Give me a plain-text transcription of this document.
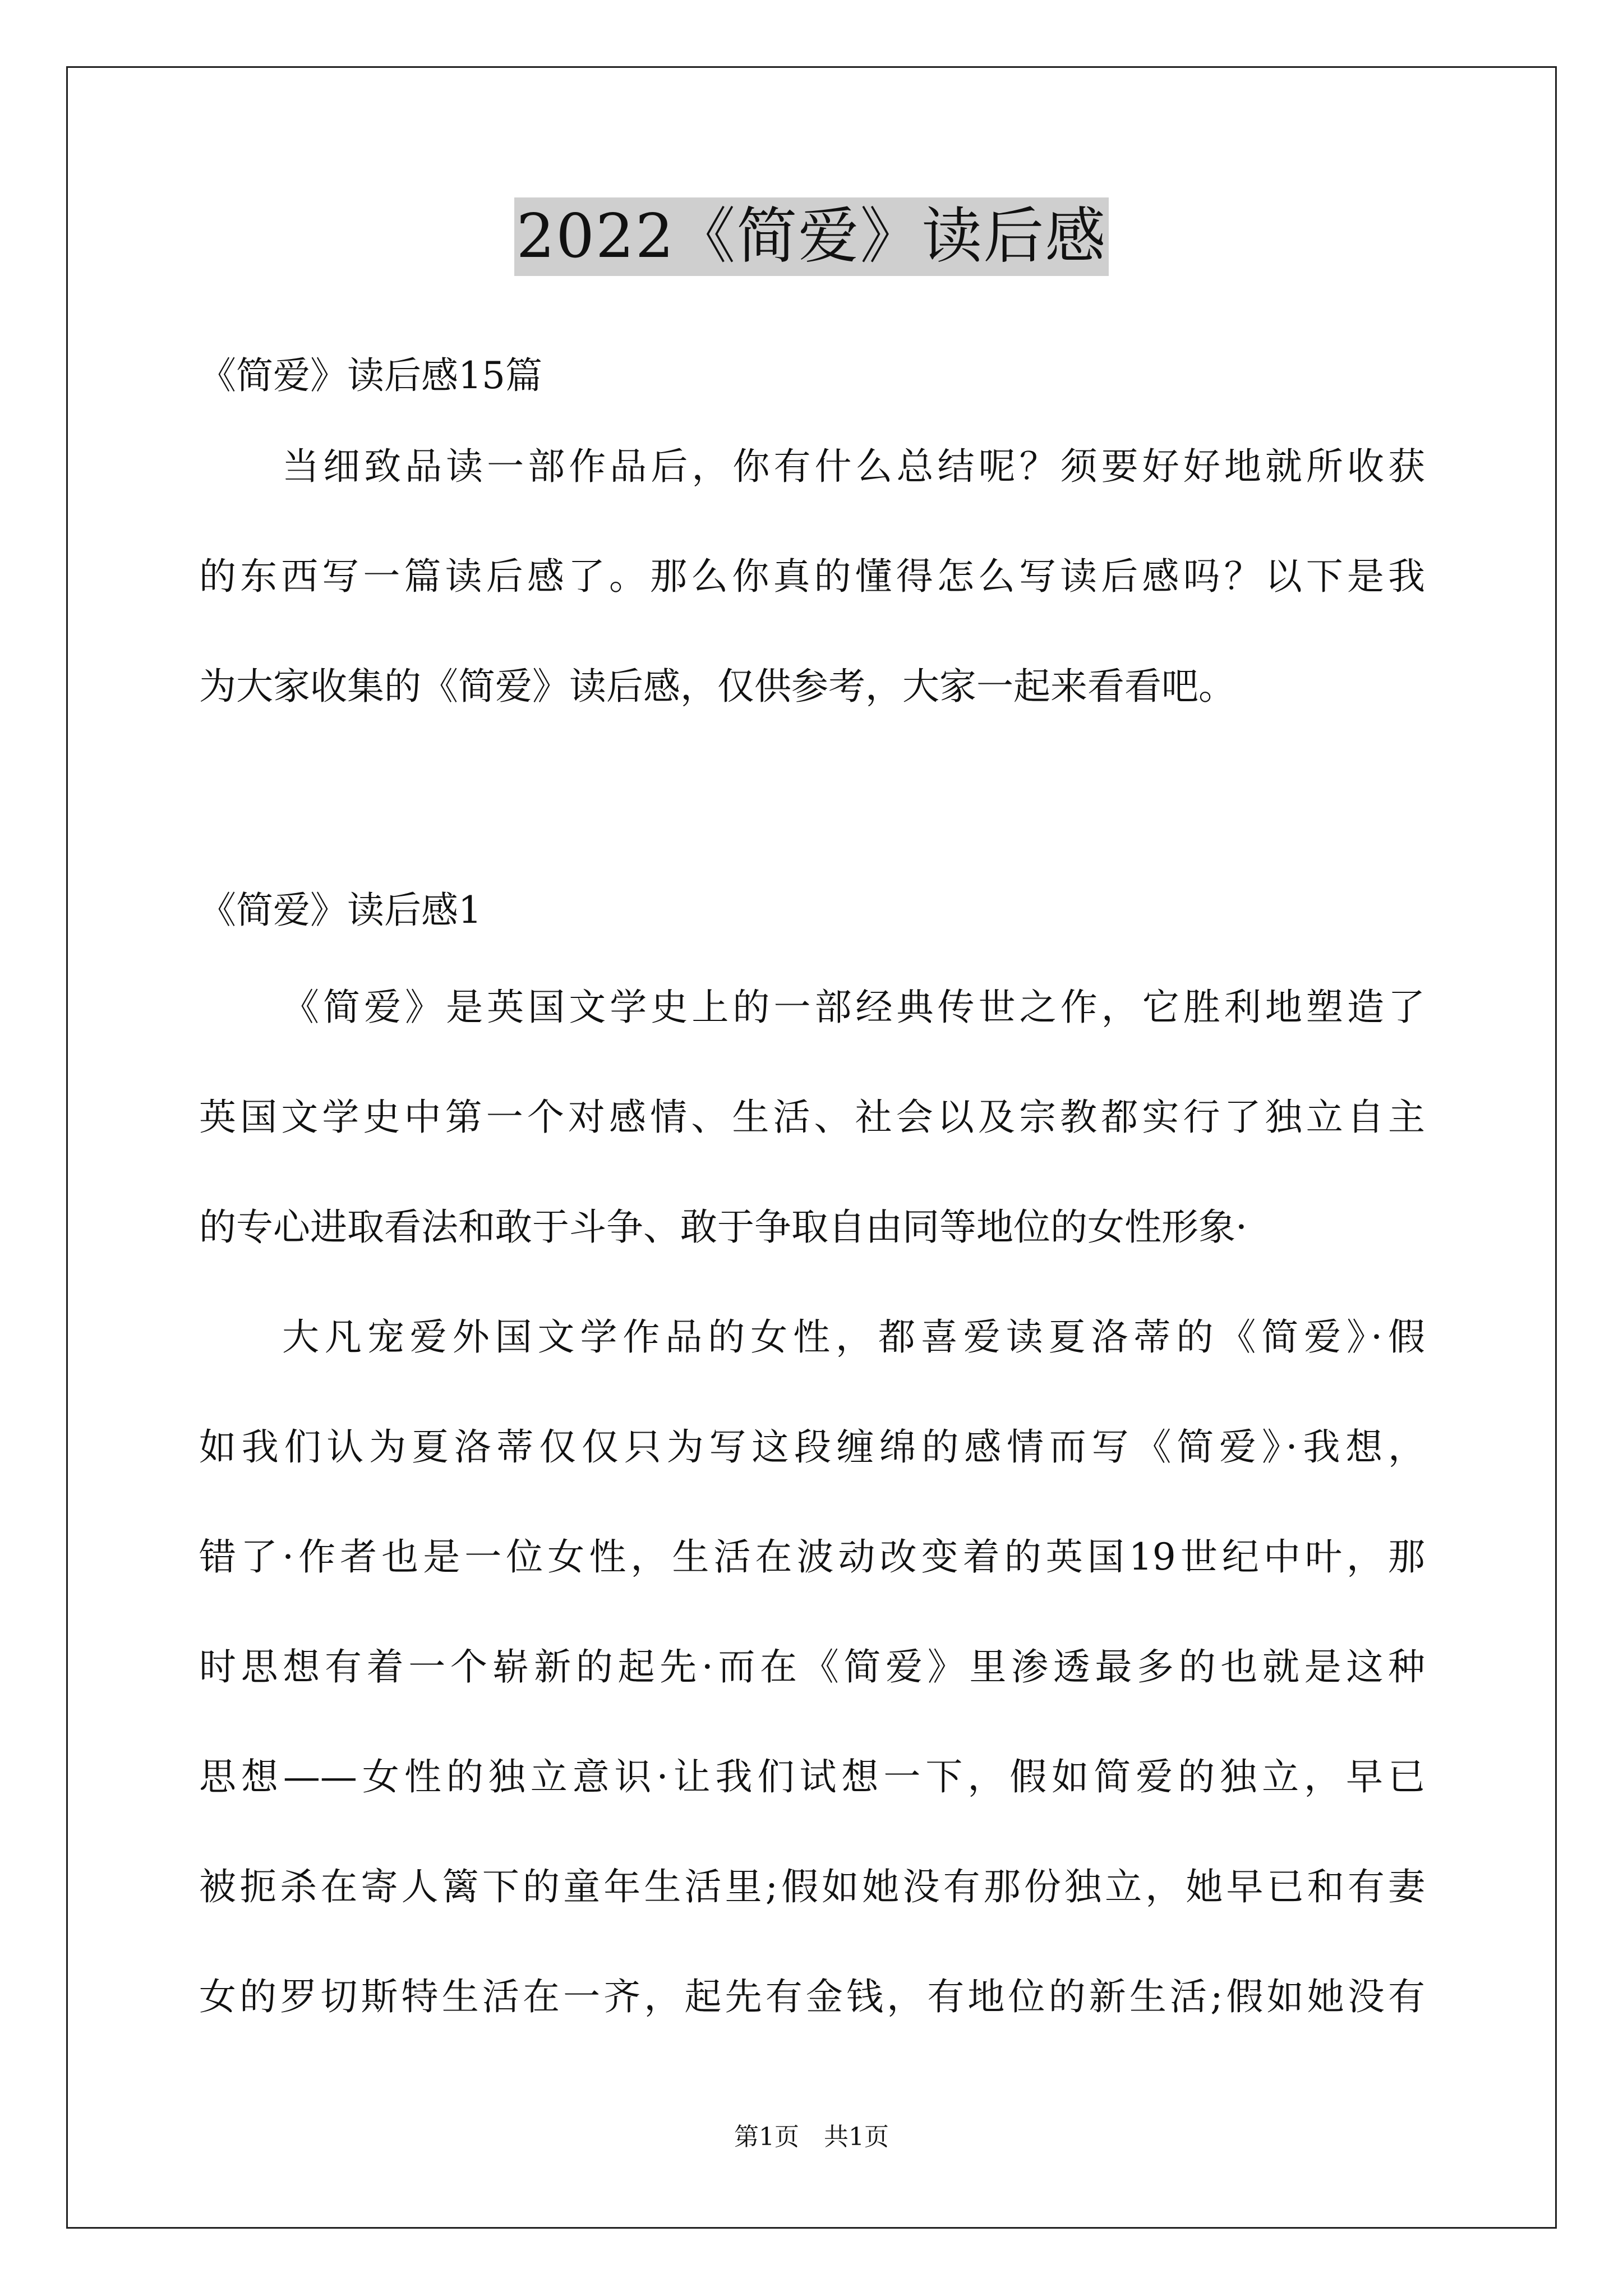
2022《简爱》读后感
《简爱》读后感15篇
当细致品读一部作品后，你有什么总结呢？须要好好地就所收获
的东西写一篇读后感了。那么你真的懂得怎么写读后感吗？以下是我
为大家收集的《简爱》读后感，仅供参考，大家一起来看看吧。
《简爱》读后感1
《简爱》是英国文学史上的一部经典传世之作，它胜利地塑造了
英国文学史中第一个对感情、生活、社会以及宗教都实行了独立自主
的专心进取看法和敢于斗争、敢于争取自由同等地位的女性形象·
大凡宠爱外国文学作品的女性，都喜爱读夏洛蒂的《简爱》·假
如我们认为夏洛蒂仅仅只为写这段缠绵的感情而写《简爱》·我想，
错了·作者也是一位女性，生活在波动改变着的英国19世纪中叶，那
时思想有着一个崭新的起先·而在《简爱》里渗透最多的也就是这种
思想——女性的独立意识·让我们试想一下，假如简爱的独立，早已
被扼杀在寄人篱下的童年生活里;假如她没有那份独立，她早已和有妻
女的罗切斯特生活在一齐，起先有金钱，有地位的新生活;假如她没有
第1页　共1页
